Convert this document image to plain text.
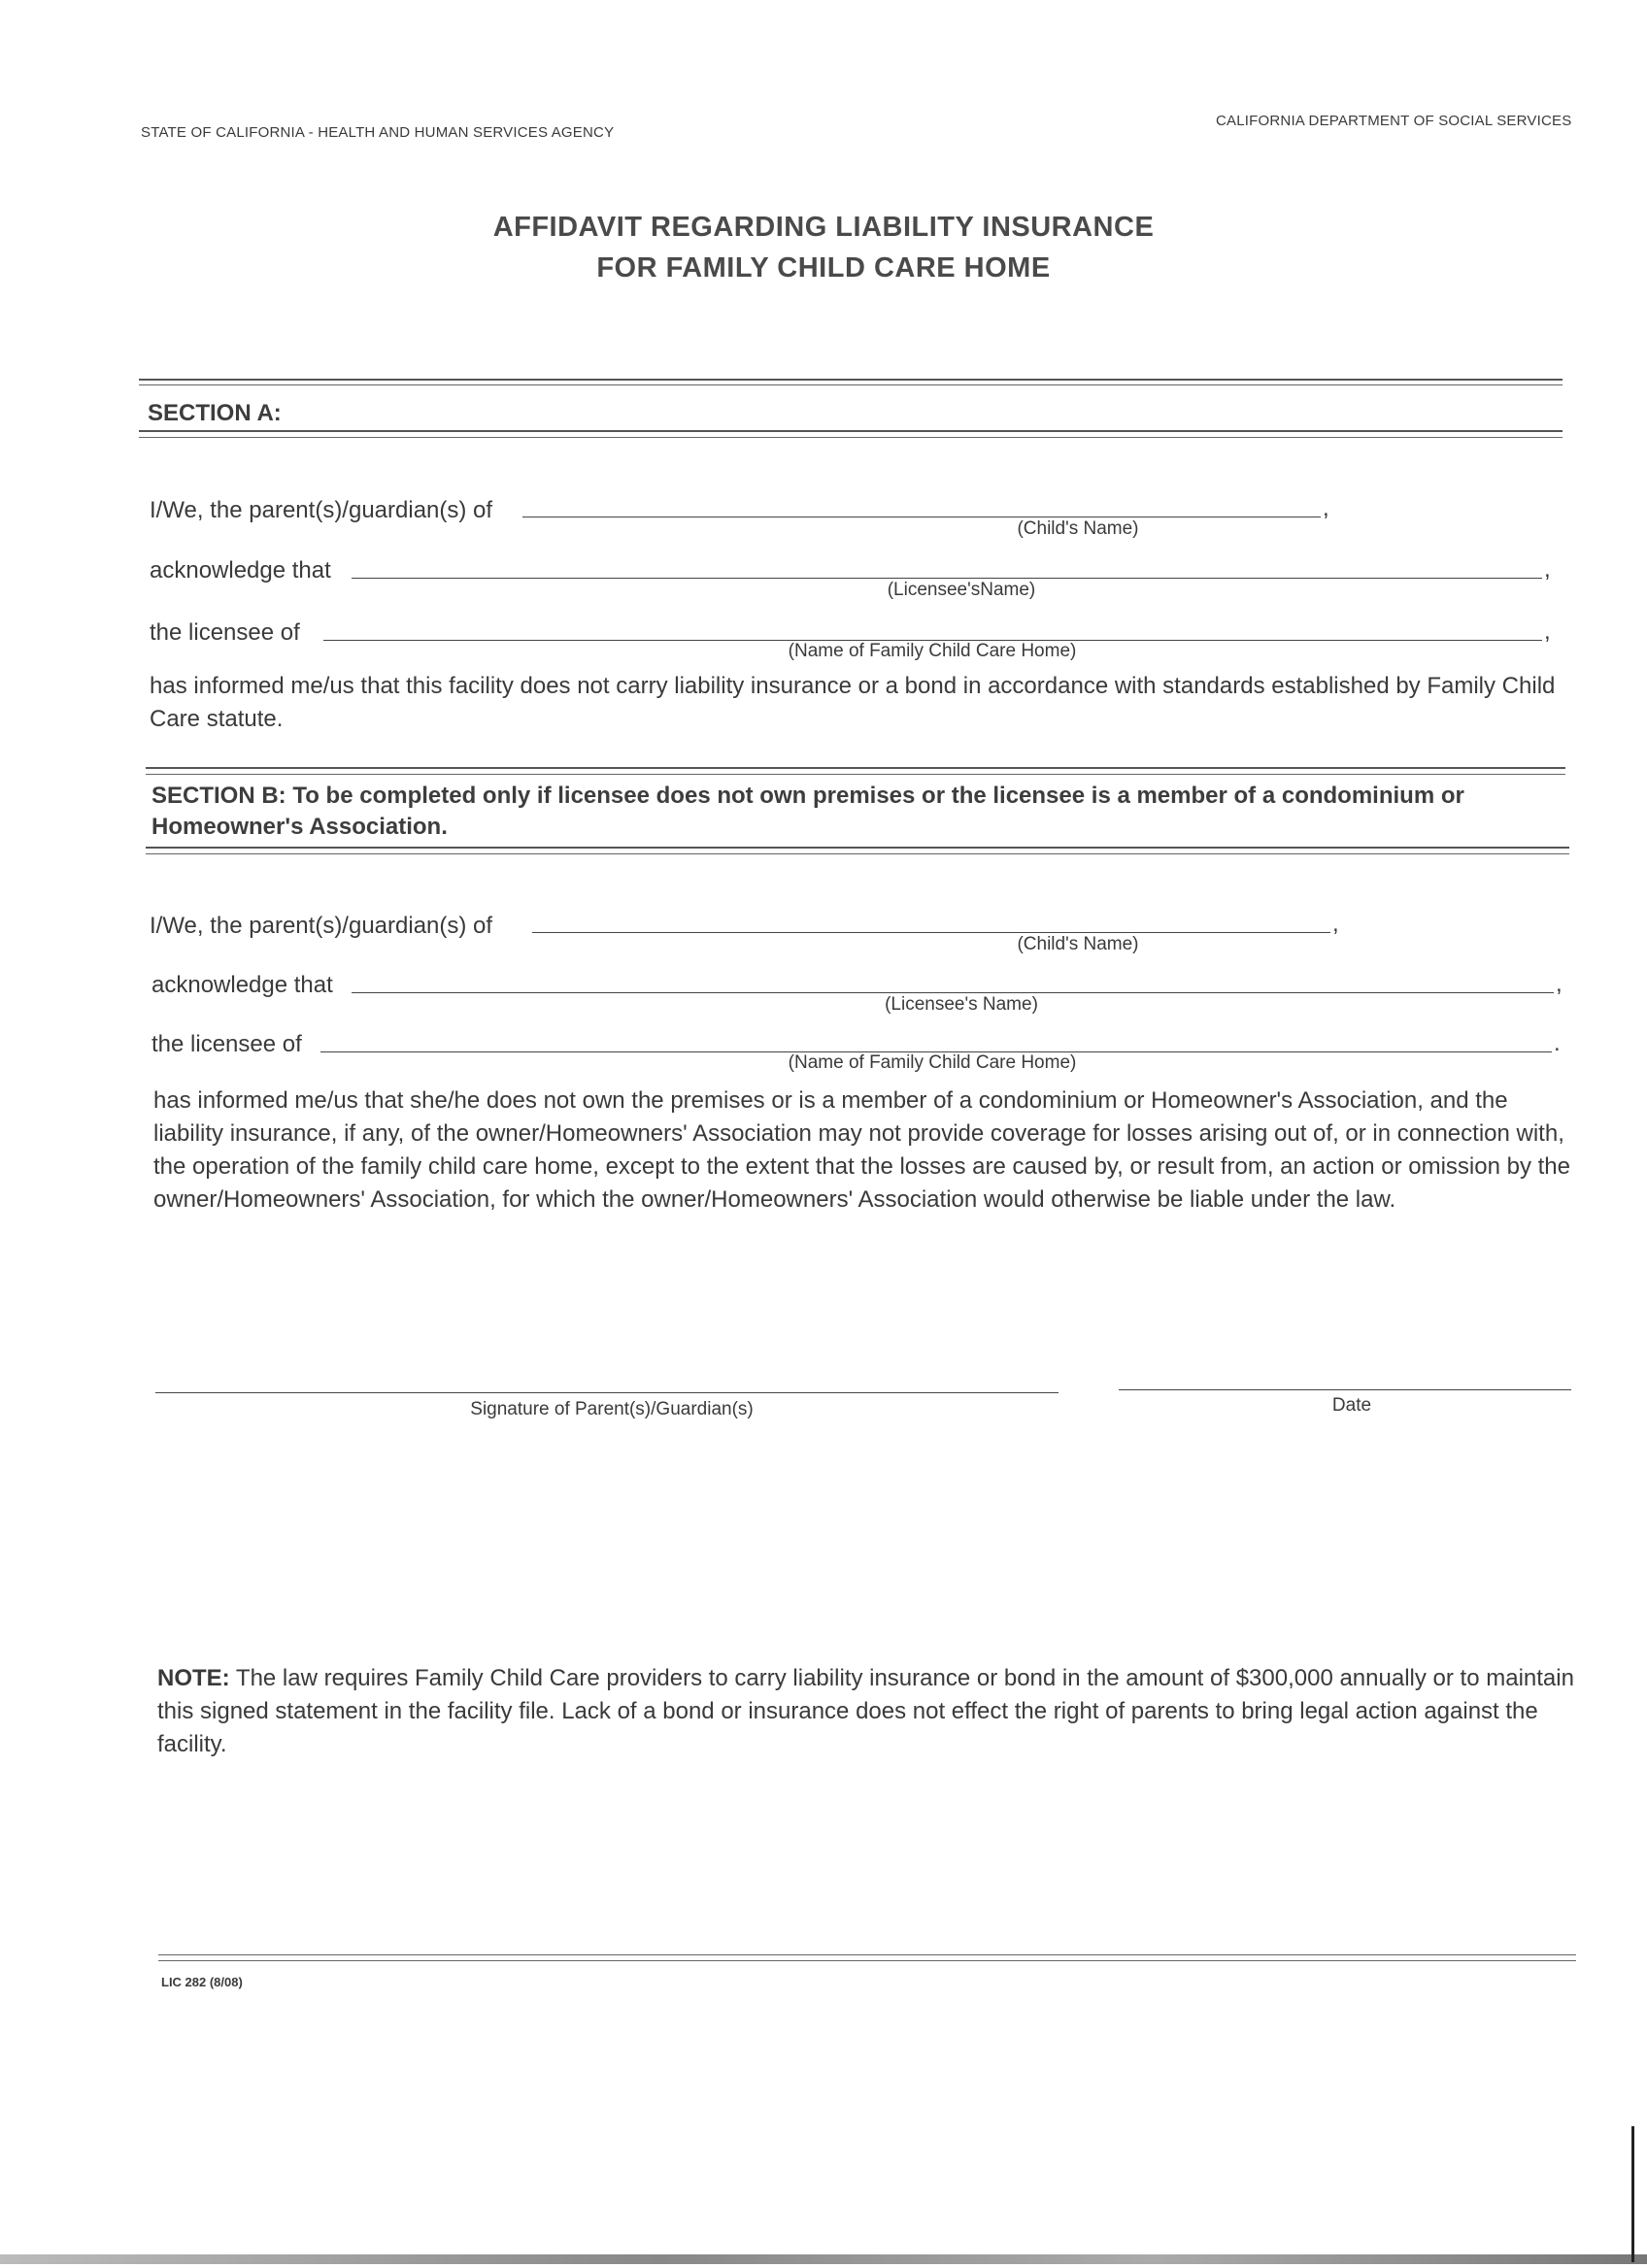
STATE OF CALIFORNIA - HEALTH AND HUMAN SERVICES AGENCY
CALIFORNIA DEPARTMENT OF SOCIAL SERVICES
AFFIDAVIT REGARDING LIABILITY INSURANCE
FOR FAMILY CHILD CARE HOME
SECTION A:
I/We, the parent(s)/guardian(s) of	,
(Child's Name)
acknowledge that	,
(Licensee'sName)
the licensee of	,
(Name of Family Child Care Home)
has informed me/us that this facility does not carry liability insurance or a bond in accordance with standards established by Family Child Care statute.
SECTION B: To be completed only if licensee does not own premises or the licensee is a member of a condominium or Homeowner's Association.
I/We, the parent(s)/guardian(s) of	,
(Child's Name)
acknowledge that	,
(Licensee's Name)
the licensee of	.
(Name of Family Child Care Home)
has informed me/us that she/he does not own the premises or is a member of a condominium or Homeowner's Association, and the liability insurance, if any, of the owner/Homeowners' Association may not provide coverage for losses arising out of, or in connection with, the operation of the family child care home, except to the extent that the losses are caused by, or result from, an action or omission by the owner/Homeowners' Association, for which the owner/Homeowners' Association would otherwise be liable under the law.
Signature of Parent(s)/Guardian(s)	Date
NOTE: The law requires Family Child Care providers to carry liability insurance or bond in the amount of $300,000 annually or to maintain this signed statement in the facility file. Lack of a bond or insurance does not effect the right of parents to bring legal action against the facility.
LIC 282 (8/08)
